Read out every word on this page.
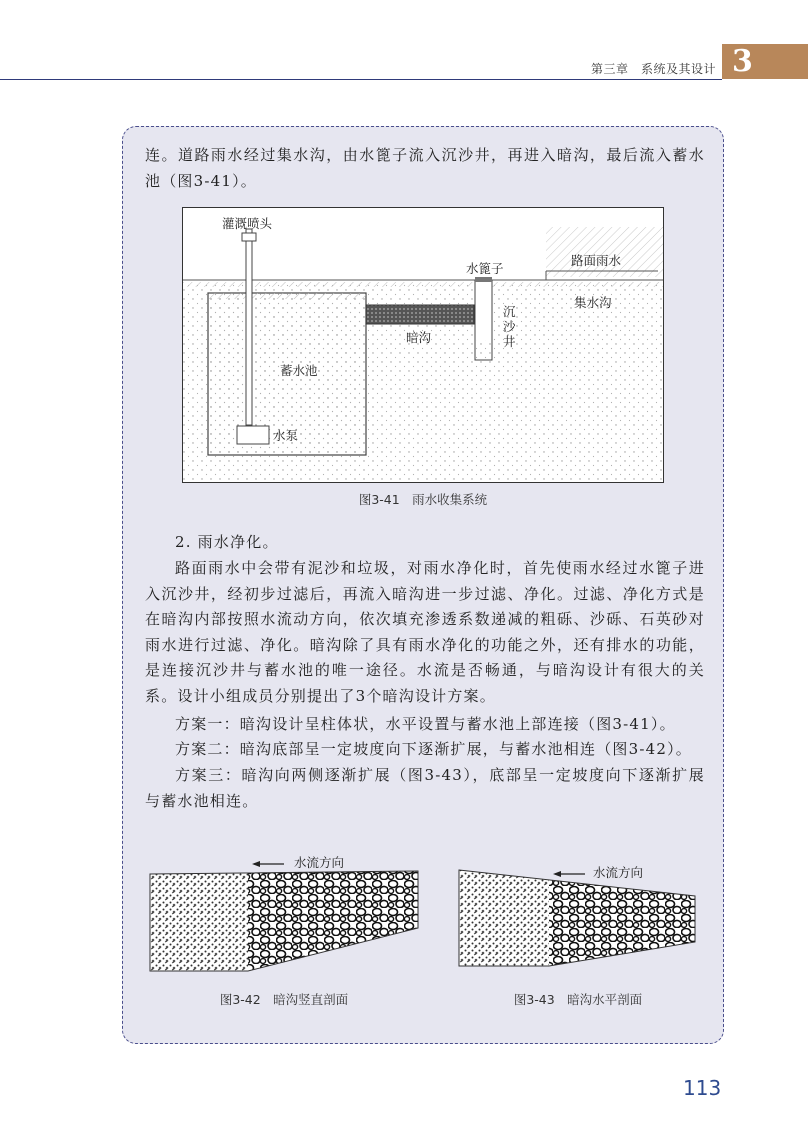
第三章　系统及其设计 3

连。道路雨水经过集水沟，由水篦子流入沉沙井，再进入暗沟，最后流入蓄水池（图3-41）。

灌溉喷头
水篦子
路面雨水
集水沟
沉
沙
井
暗沟
蓄水池
水泵
图3-41　雨水收集系统

2. 雨水净化。

路面雨水中会带有泥沙和垃圾，对雨水净化时，首先使雨水经过水篦子进入沉沙井，经初步过滤后，再流入暗沟进一步过滤、净化。过滤、净化方式是在暗沟内部按照水流动方向，依次填充渗透系数递减的粗砾、沙砾、石英砂对雨水进行过滤、净化。暗沟除了具有雨水净化的功能之外，还有排水的功能，是连接沉沙井与蓄水池的唯一途径。水流是否畅通，与暗沟设计有很大的关系。设计小组成员分别提出了3个暗沟设计方案。

方案一：暗沟设计呈柱体状，水平设置与蓄水池上部连接（图3-41）。

方案二：暗沟底部呈一定坡度向下逐渐扩展，与蓄水池相连（图3-42）。

方案三：暗沟向两侧逐渐扩展（图3-43），底部呈一定坡度向下逐渐扩展与蓄水池相连。

水流方向
图3-42　暗沟竖直剖面
水流方向
图3-43　暗沟水平剖面
113
